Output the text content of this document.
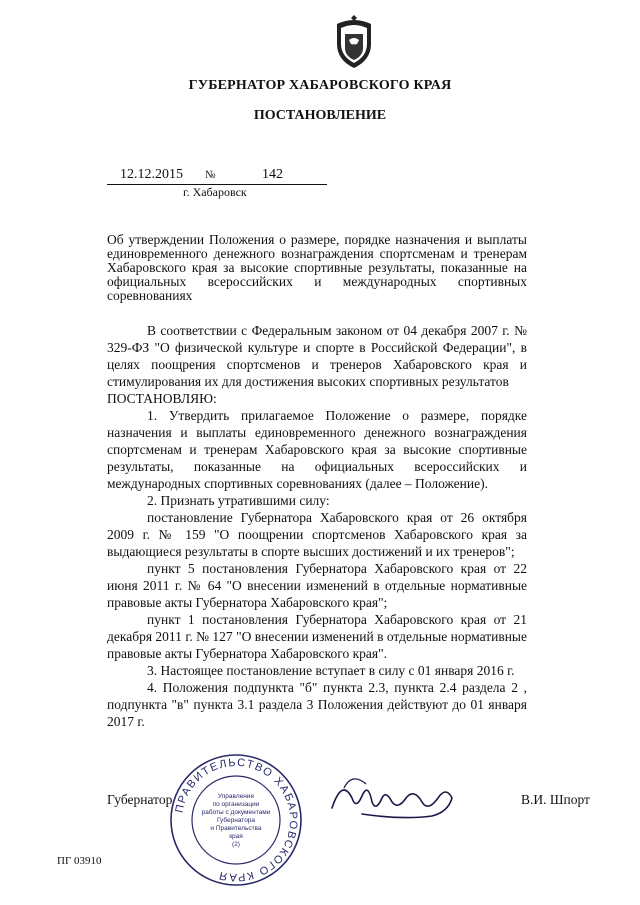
ГУБЕРНАТОР ХАБАРОВСКОГО КРАЯ
ПОСТАНОВЛЕНИЕ
12.12.2015 №	142
г. Хабаровск
Об утверждении Положения о размере, порядке назначения и выплаты единовременного денежного вознаграждения спортсменам и тренерам Хабаровского края за высокие спортивные результаты, показанные на официальных всероссийских и международных спортивных соревнованиях

В соответствии с Федеральным законом от 04 декабря 2007 г. № 329-ФЗ "О физической культуре и спорте в Российской Федерации", в целях поощрения спортсменов и тренеров Хабаровского края и стимулирования их для достижения высоких спортивных результатов

ПОСТАНОВЛЯЮ:

1. Утвердить прилагаемое Положение о размере, порядке назначения и выплаты единовременного денежного вознаграждения спортсменам и тренерам Хабаровского края за высокие спортивные результаты, показанные на официальных всероссийских и международных спортивных соревнованиях (далее – Положение).

2. Признать утратившими силу:

постановление Губернатора Хабаровского края от 26 октября 2009 г. № 159 "О поощрении спортсменов Хабаровского края за выдающиеся результаты в спорте высших достижений и их тренеров";

пункт 5 постановления Губернатора Хабаровского края от 22 июня 2011 г. № 64 "О внесении изменений в отдельные нормативные правовые акты Губернатора Хабаровского края";

пункт 1 постановления Губернатора Хабаровского края от 21 декабря 2011 г. № 127 "О внесении изменений в отдельные нормативные правовые акты Губернатора Хабаровского края".

3. Настоящее постановление вступает в силу с 01 января 2016 г.

4. Положения подпункта "б" пункта 2.3, пункта 2.4 раздела 2 , подпункта "в" пункта 3.1 раздела 3 Положения действуют до 01 января 2017 г.

Губернатор	В.И. Шпорт
ПРАВИТЕЛЬСТВО ХАБАРОВСКОГО КРАЯ
Управление
по организации
работы с документами
Губернатора
и Правительства
края
(2)
ПГ 03910
